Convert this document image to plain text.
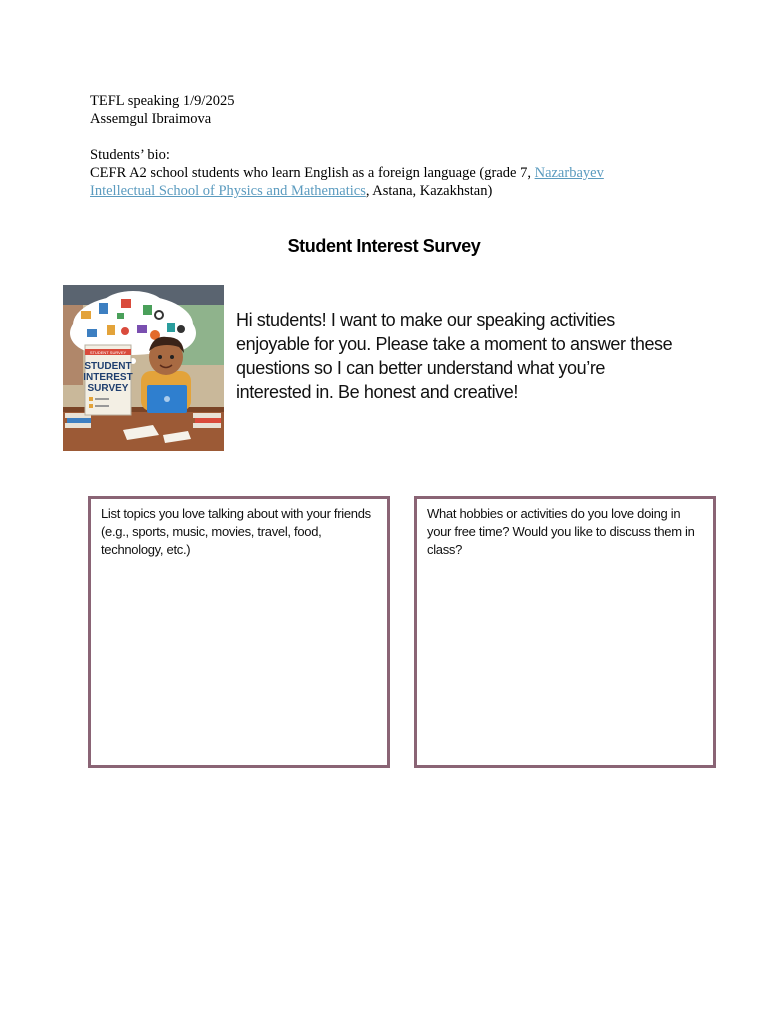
TEFL speaking 1/9/2025
Assemgul Ibraimova
Students’ bio:
CEFR A2 school students who learn English as a foreign language (grade 7, Nazarbayev Intellectual School of Physics and Mathematics, Astana, Kazakhstan)
Student Interest Survey
STUDENT SURVEY
STUDENT
INTEREST
SURVEY
Hi students! I want to make our speaking activities enjoyable for you. Please take a moment to answer these questions so I can better understand what you’re interested in. Be honest and creative!
List topics you love talking about with your friends (e.g., sports, music, movies, travel, food, technology, etc.)
What hobbies or activities do you love doing in your free time? Would you like to discuss them in class?
